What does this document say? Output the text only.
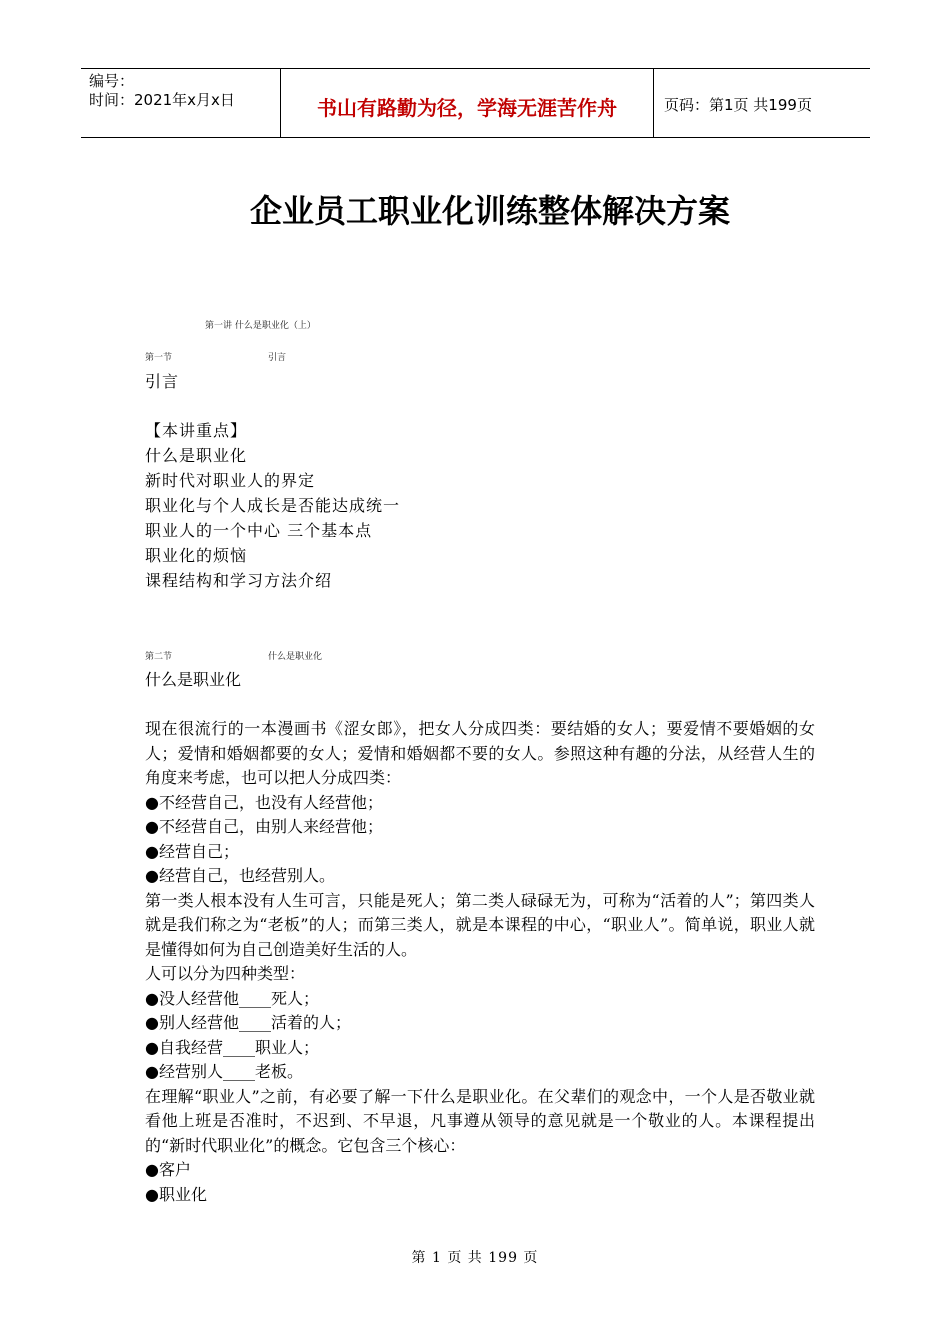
编号：
时间：2021年x月x日	书山有路勤为径，学海无涯苦作舟	页码：第1页 共199页
企业员工职业化训练整体解决方案
第一讲 什么是职业化（上）
第一节	引言
引言
【本讲重点】
什么是职业化
新时代对职业人的界定
职业化与个人成长是否能达成统一
职业人的一个中心 三个基本点
职业化的烦恼
课程结构和学习方法介绍
第二节	什么是职业化
什么是职业化

现在很流行的一本漫画书《涩女郎》，把女人分成四类：要结婚的女人；要爱情不要婚姻的女人；爱情和婚姻都要的女人；爱情和婚姻都不要的女人。参照这种有趣的分法，从经营人生的角度来考虑，也可以把人分成四类：

●不经营自己，也没有人经营他；

●不经营自己，由别人来经营他；

●经营自己；

●经营自己，也经营别人。

第一类人根本没有人生可言，只能是死人；第二类人碌碌无为，可称为“活着的人”；第四类人就是我们称之为“老板”的人；而第三类人，就是本课程的中心，“职业人”。简单说，职业人就是懂得如何为自己创造美好生活的人。

人可以分为四种类型：

●没人经营他____死人；

●别人经营他____活着的人；

●自我经营____职业人；

●经营别人____老板。

在理解“职业人”之前，有必要了解一下什么是职业化。在父辈们的观念中，一个人是否敬业就看他上班是否准时，不迟到、不早退，凡事遵从领导的意见就是一个敬业的人。本课程提出的“新时代职业化”的概念。它包含三个核心：

●客户

●职业化

第 1 页 共 199 页
